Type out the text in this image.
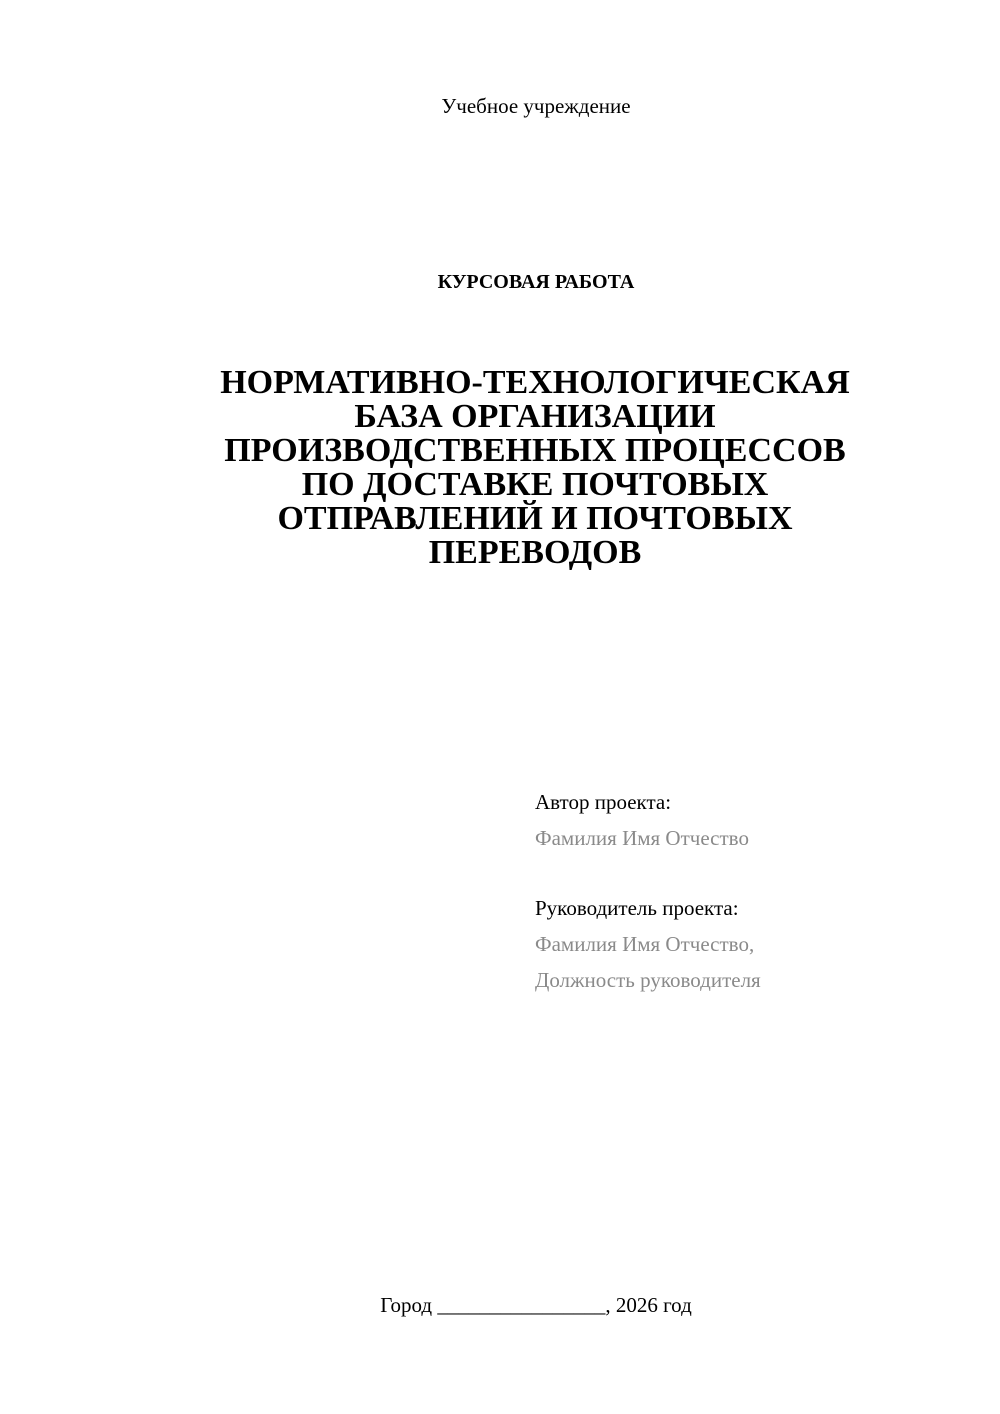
Учебное учреждение
КУРСОВАЯ РАБОТА
НОРМАТИВНО-ТЕХНОЛОГИЧЕСКАЯ
БАЗА ОРГАНИЗАЦИИ
ПРОИЗВОДСТВЕННЫХ ПРОЦЕССОВ
ПО ДОСТАВКЕ ПОЧТОВЫХ
ОТПРАВЛЕНИЙ И ПОЧТОВЫХ
ПЕРЕВОДОВ
Автор проекта:
Фамилия Имя Отчество
Руководитель проекта:
Фамилия Имя Отчество,
Должность руководителя
Город ________________, 2026 год
